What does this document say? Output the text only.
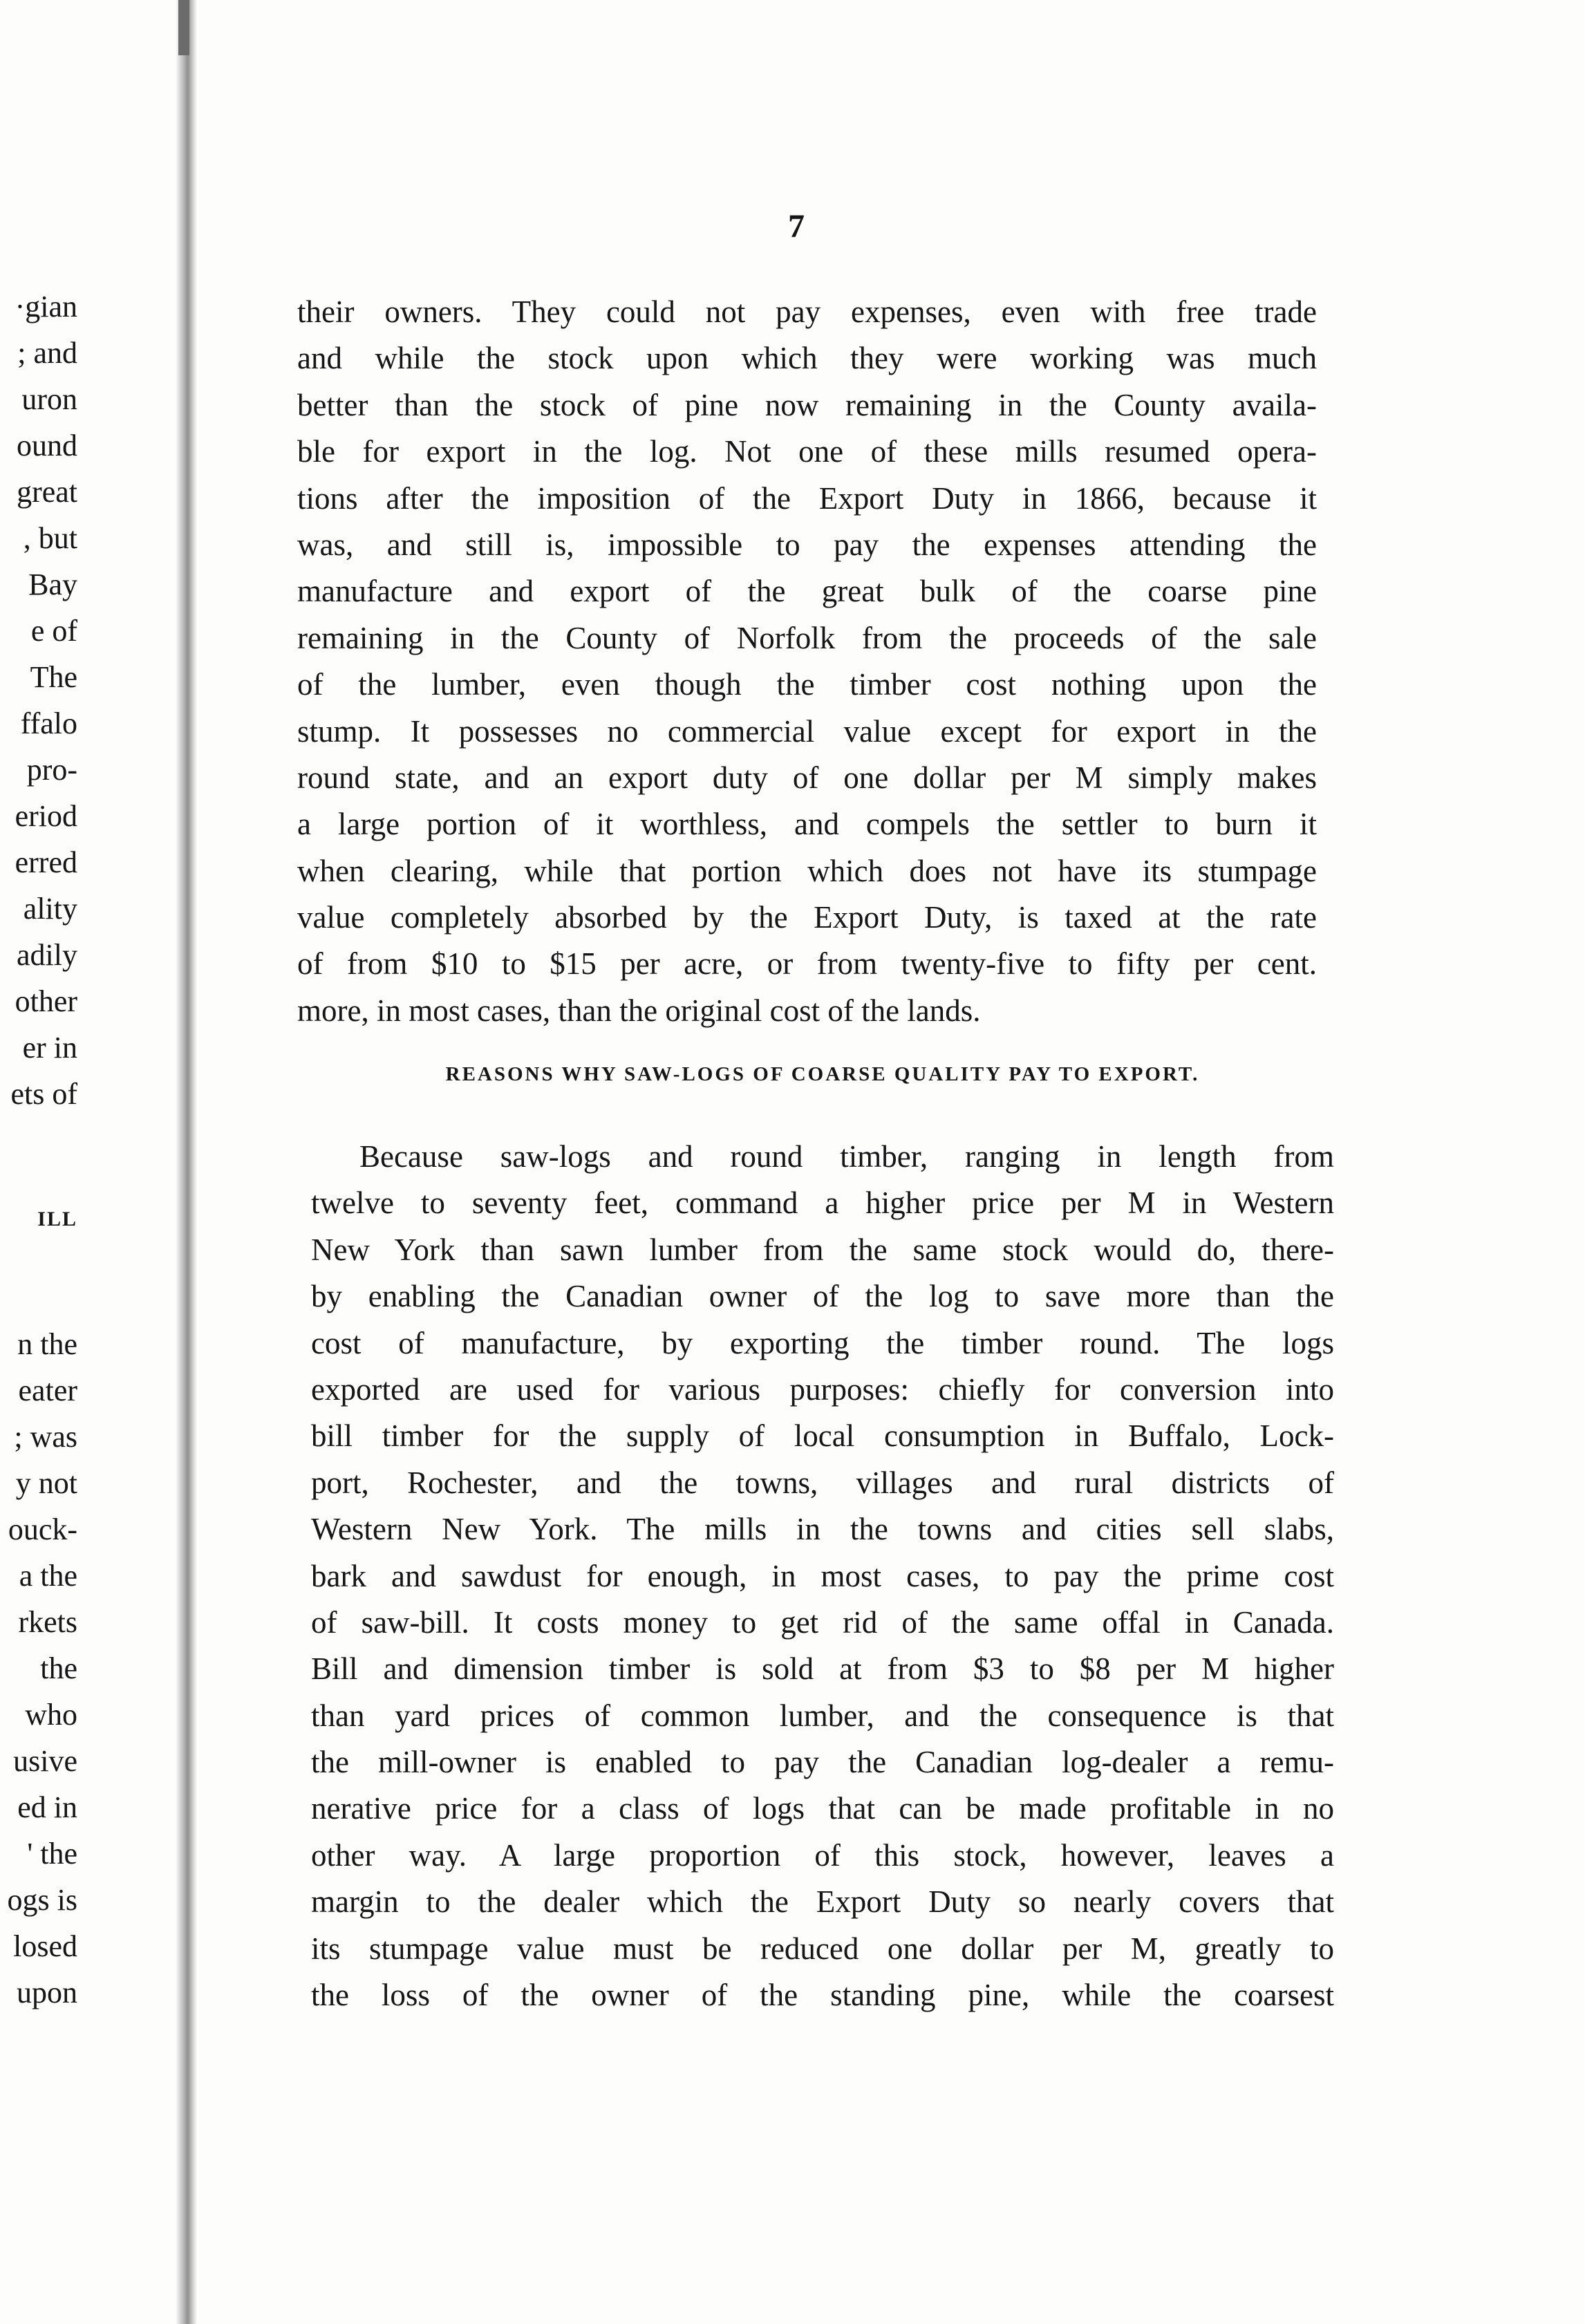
·gian
; and
uron
ound
great
, but
Bay
e of
The
ffalo
pro-
eriod
erred
ality
adily
other
er in
ets of
ILL
n the
eater
; was
y not
ouck-
a the
rkets
the
who
usive
ed in
' the
ogs is
losed
upon
7
their owners. They could not pay expenses, even with free trade
and while the stock upon which they were working was much
better than the stock of pine now remaining in the County availa-
ble for export in the log. Not one of these mills resumed opera-
tions after the imposition of the Export Duty in 1866, because it
was, and still is, impossible to pay the expenses attending the
manufacture and export of the great bulk of the coarse pine
remaining in the County of Norfolk from the proceeds of the sale
of the lumber, even though the timber cost nothing upon the
stump. It possesses no commercial value except for export in the
round state, and an export duty of one dollar per M simply makes
a large portion of it worthless, and compels the settler to burn it
when clearing, while that portion which does not have its stumpage
value completely absorbed by the Export Duty, is taxed at the rate
of from $10 to $15 per acre, or from twenty-five to fifty per cent.
more, in most cases, than the original cost of the lands.
REASONS WHY SAW-LOGS OF COARSE QUALITY PAY TO EXPORT.
Because saw-logs and round timber, ranging in length from
twelve to seventy feet, command a higher price per M in Western
New York than sawn lumber from the same stock would do, there-
by enabling the Canadian owner of the log to save more than the
cost of manufacture, by exporting the timber round. The logs
exported are used for various purposes: chiefly for conversion into
bill timber for the supply of local consumption in Buffalo, Lock-
port, Rochester, and the towns, villages and rural districts of
Western New York. The mills in the towns and cities sell slabs,
bark and sawdust for enough, in most cases, to pay the prime cost
of saw-bill. It costs money to get rid of the same offal in Canada.
Bill and dimension timber is sold at from $3 to $8 per M higher
than yard prices of common lumber, and the consequence is that
the mill-owner is enabled to pay the Canadian log-dealer a remu-
nerative price for a class of logs that can be made profitable in no
other way. A large proportion of this stock, however, leaves a
margin to the dealer which the Export Duty so nearly covers that
its stumpage value must be reduced one dollar per M, greatly to
the loss of the owner of the standing pine, while the coarsest
